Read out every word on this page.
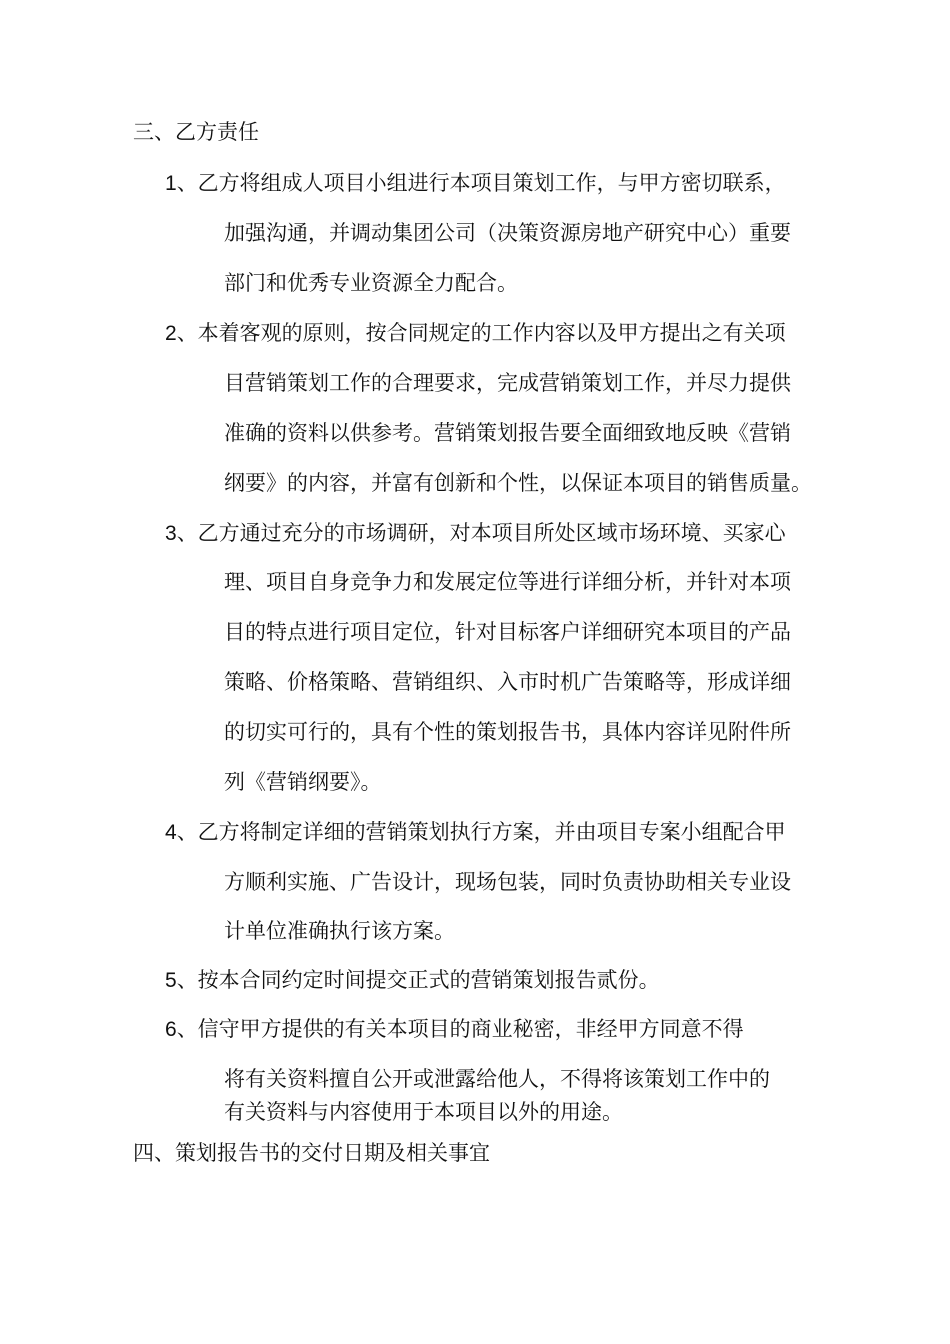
三、乙方责任

1、乙方将组成人项目小组进行本项目策划工作，与甲方密切联系，

加强沟通，并调动集团公司（决策资源房地产研究中心）重要

部门和优秀专业资源全力配合。

2、本着客观的原则，按合同规定的工作内容以及甲方提出之有关项

目营销策划工作的合理要求，完成营销策划工作，并尽力提供

准确的资料以供参考。营销策划报告要全面细致地反映《营销

纲要》的内容，并富有创新和个性，以保证本项目的销售质量。

3、乙方通过充分的市场调研，对本项目所处区域市场环境、买家心

理、项目自身竞争力和发展定位等进行详细分析，并针对本项

目的特点进行项目定位，针对目标客户详细研究本项目的产品

策略、价格策略、营销组织、入市时机广告策略等，形成详细

的切实可行的，具有个性的策划报告书，具体内容详见附件所

列《营销纲要》。

4、乙方将制定详细的营销策划执行方案，并由项目专案小组配合甲

方顺利实施、广告设计，现场包装，同时负责协助相关专业设

计单位准确执行该方案。

5、按本合同约定时间提交正式的营销策划报告贰份。

6、信守甲方提供的有关本项目的商业秘密，非经甲方同意不得

将有关资料擅自公开或泄露给他人，不得将该策划工作中的

有关资料与内容使用于本项目以外的用途。

四、策划报告书的交付日期及相关事宜
